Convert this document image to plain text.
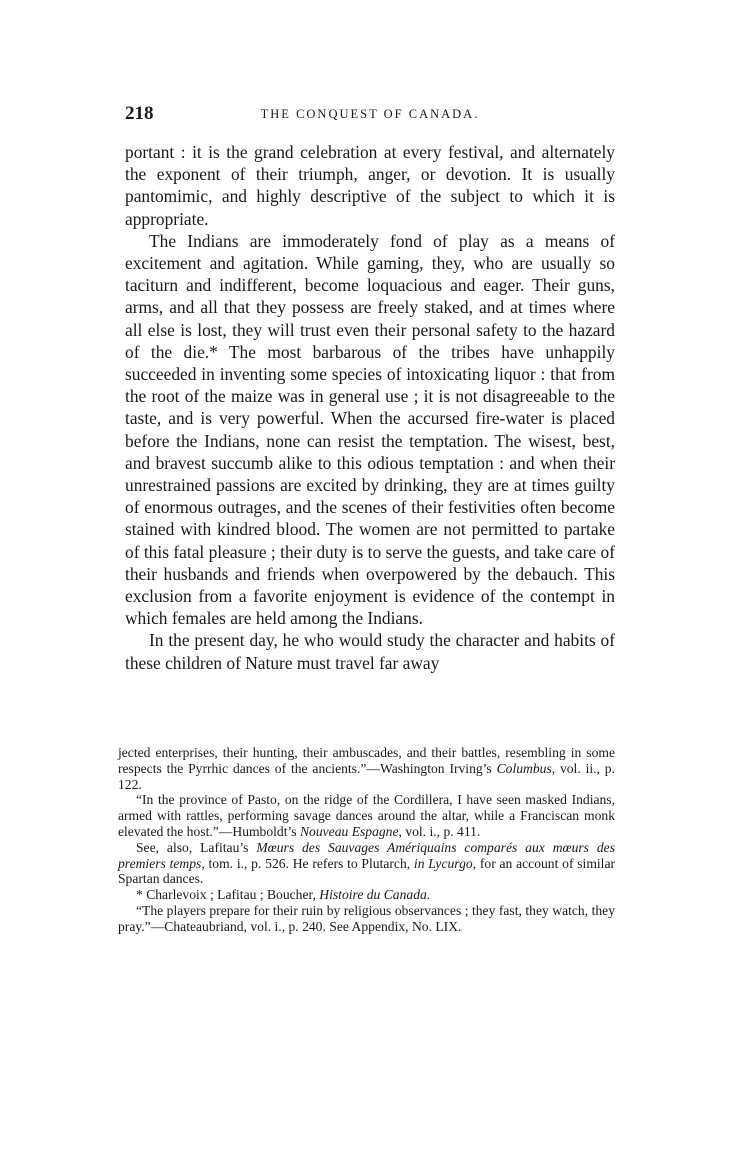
218	THE CONQUEST OF CANADA.

portant : it is the grand celebration at every festival, and alternately the exponent of their triumph, anger, or devotion. It is usually pantomimic, and highly descriptive of the subject to which it is appropriate.

The Indians are immoderately fond of play as a means of excitement and agitation. While gaming, they, who are usually so taciturn and indifferent, become loquacious and eager. Their guns, arms, and all that they possess are freely staked, and at times where all else is lost, they will trust even their personal safety to the hazard of the die.* The most barbarous of the tribes have unhappily succeeded in inventing some species of intoxicating liquor : that from the root of the maize was in general use ; it is not disagreeable to the taste, and is very powerful. When the accursed fire-water is placed before the Indians, none can resist the temptation. The wisest, best, and bravest succumb alike to this odious temptation : and when their unrestrained passions are excited by drinking, they are at times guilty of enormous outrages, and the scenes of their festivities often become stained with kindred blood. The women are not permitted to partake of this fatal pleasure ; their duty is to serve the guests, and take care of their husbands and friends when overpowered by the debauch. This exclusion from a favorite enjoyment is evidence of the contempt in which females are held among the Indians.

In the present day, he who would study the character and habits of these children of Nature must travel far away

jected enterprises, their hunting, their ambuscades, and their battles, resembling in some respects the Pyrrhic dances of the ancients.”—Washington Irving’s Columbus, vol. ii., p. 122.

“In the province of Pasto, on the ridge of the Cordillera, I have seen masked Indians, armed with rattles, performing savage dances around the altar, while a Franciscan monk elevated the host.”—Humboldt’s Nouveau Espagne, vol. i., p. 411.

See, also, Lafitau’s Mœurs des Sauvages Amériquains comparés aux mœurs des premiers temps, tom. i., p. 526. He refers to Plutarch, in Lycurgo, for an account of similar Spartan dances.

* Charlevoix ; Lafitau ; Boucher, Histoire du Canada.

“The players prepare for their ruin by religious observances ; they fast, they watch, they pray.”—Chateaubriand, vol. i., p. 240. See Appendix, No. LIX.
